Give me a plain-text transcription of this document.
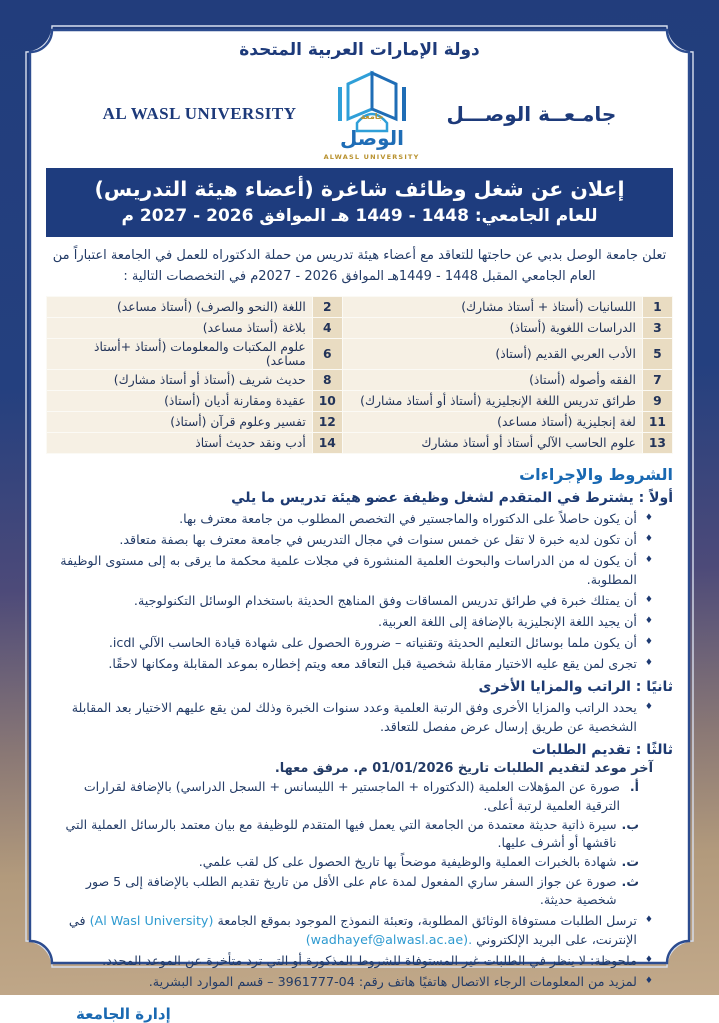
دولة الإمارات العربية المتحدة
AL WASL UNIVERSITY	جامعة
الوصل
ALWASL UNIVERSITY
جامـعــة الوصـــل
إعلان عن شغل وظائف شاغرة (أعضاء هيئة التدريس)
للعام الجامعي: 1448 - 1449 هـ الموافق 2026 - 2027 م

تعلن جامعة الوصل بدبي عن حاجتها للتعاقد مع أعضاء هيئة تدريس من حملة الدكتوراه للعمل في الجامعة اعتباراً من العام الجامعي المقبل 1448 - 1449هـ الموافق 2026 - 2027م في التخصصات التالية :

1	اللسانيات (أستاذ + أستاذ مشارك)	2	اللغة (النحو والصرف) (أستاذ مساعد)
3	الدراسات اللغوية (أستاذ)	4	بلاغة (أستاذ مساعد)
5	الأدب العربي القديم (أستاذ)	6	علوم المكتبات والمعلومات (أستاذ +أستاذ مساعد)
7	الفقه وأصوله (أستاذ)	8	حديث شريف (أستاذ أو أستاذ مشارك)
9	طرائق تدريس اللغة الإنجليزية (أستاذ أو أستاذ مشارك)	10	عقيدة ومقارنة أديان (أستاذ)
11	لغة إنجليزية (أستاذ مساعد)	12	تفسير وعلوم قرآن (أستاذ)
13	علوم الحاسب الآلي أستاذ أو أستاذ مشارك	14	أدب ونقد حديث أستاذ
الشروط والإجراءات
أولاً : يشترط في المتقدم لشغل وظيفة عضو هيئة تدريس ما يلي
♦
أن يكون حاصلاً على الدكتوراه والماجستير في التخصص المطلوب من جامعة معترف بها.
♦
أن تكون لديه خبرة لا تقل عن خمس سنوات في مجال التدريس في جامعة معترف بها بصفة متعاقد.
♦
أن يكون له من الدراسات والبحوث العلمية المنشورة في مجلات علمية محكمة ما يرقى به إلى مستوى الوظيفة المطلوبة.
♦
أن يمتلك خبرة في طرائق تدريس المساقات وفق المناهج الحديثة باستخدام الوسائل التكنولوجية.
♦
أن يجيد اللغة الإنجليزية بالإضافة إلى اللغة العربية.
♦
أن يكون ملما بوسائل التعليم الحديثة وتقنياته – ضرورة الحصول على شهادة قيادة الحاسب الآلي icdl.
♦
تجرى لمن يقع عليه الاختيار مقابلة شخصية قبل التعاقد معه ويتم إخطاره بموعد المقابلة ومكانها لاحقًا.
ثانيًا : الراتب والمزايا الأخرى
♦
يحدد الراتب والمزايا الأخرى وفق الرتبة العلمية وعدد سنوات الخبرة وذلك لمن يقع عليهم الاختيار بعد المقابلة الشخصية عن طريق إرسال عرض مفصل للتعاقد.
ثالثًا : تقديم الطلبات
آخر موعد لتقديم الطلبات تاريخ 01/01/2026 م. مرفق معها.
أ.
صورة عن المؤهلات العلمية (الدكتوراه + الماجستير + الليسانس + السجل الدراسي) بالإضافة لقرارات الترقية العلمية لرتبة أعلى.
ب.
سيرة ذاتية حديثة معتمدة من الجامعة التي يعمل فيها المتقدم للوظيفة مع بيان معتمد بالرسائل العملية التي ناقشها أو أشرف عليها.
ت.
شهادة بالخبرات العملية والوظيفية موضحاً بها تاريخ الحصول على كل لقب علمي.
ث.
صورة عن جواز السفر ساري المفعول لمدة عام على الأقل من تاريخ تقديم الطلب بالإضافة إلى 5 صور شخصية حديثة.
♦
ترسل الطلبات مستوفاة الوثائق المطلوبة، وتعبئة النموذج الموجود بموقع الجامعة (Al Wasl University) في الإنترنت، على البريد الإلكتروني (wadhayef@alwasl.ac.ae).
♦
ملحوظة: لا ينظر في الطلبات غير المستوفاة للشروط المذكورة أو التي ترد متأخرة عن الموعد المحدد.
♦
لمزيد من المعلومات الرجاء الاتصال هاتفيًا هاتف رقم: 04-3961777 – قسم الموارد البشرية.
إدارة الجامعة
